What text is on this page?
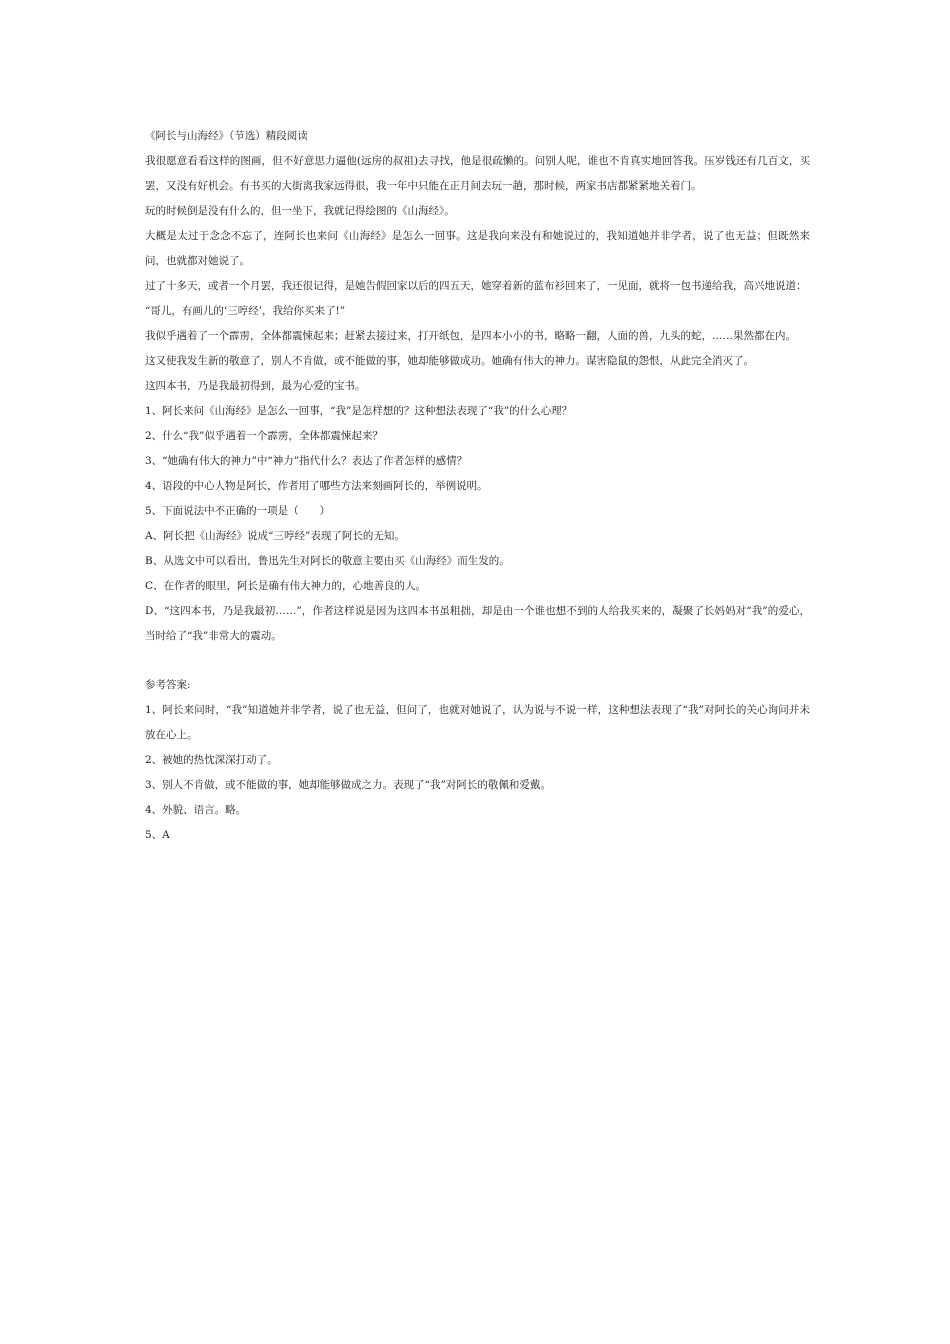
《阿长与山海经》（节选）精段阅读

我很愿意看看这样的图画，但不好意思力逼他(远房的叔祖)去寻找，他是很疏懒的。问别人呢，谁也不肯真实地回答我。压岁钱还有几百文，买罢，又没有好机会。有书买的大街离我家远得很，我一年中只能在正月间去玩一趟，那时候，两家书店都紧紧地关着门。

玩的时候倒是没有什么的，但一坐下，我就记得绘图的《山海经》。

大概是太过于念念不忘了，连阿长也来问《山海经》是怎么一回事。这是我向来没有和她说过的，我知道她并非学者，说了也无益；但既然来问，也就都对她说了。

过了十多天，或者一个月罢，我还很记得，是她告假回家以后的四五天，她穿着新的蓝布衫回来了，一见面，就将一包书递给我，高兴地说道：

“哥儿，有画儿的‘三哼经’，我给你买来了!”

我似乎遇着了一个霹雳，全体都震悚起来；赶紧去接过来，打开纸包，是四本小小的书，略略一翻，人面的兽，九头的蛇，……果然都在内。

这又使我发生新的敬意了，别人不肯做，或不能做的事，她却能够做成功。她确有伟大的神力。谋害隐鼠的怨恨，从此完全消灭了。

这四本书，乃是我最初得到，最为心爱的宝书。

1、阿长来问《山海经》是怎么一回事，“我”是怎样想的？这种想法表现了“我”的什么心理？

2、什么“我”似乎遇着一个霹雳，全体都震悚起来？

3、“她确有伟大的神力”中“神力”指代什么？表达了作者怎样的感情？

4、语段的中心人物是阿长，作者用了哪些方法来刻画阿长的，举例说明。

5、下面说法中不正确的一项是（　　）

A、阿长把《山海经》说成“三哼经”表现了阿长的无知。

B、从选文中可以看出，鲁迅先生对阿长的敬意主要由买《山海经》而生发的。

C、在作者的眼里，阿长是确有伟大神力的，心地善良的人。

D、“这四本书，乃是我最初……”，作者这样说是因为这四本书虽粗拙，却是由一个谁也想不到的人给我买来的，凝聚了长妈妈对“我”的爱心，当时给了“我”非常大的震动。

参考答案:

1、阿长来问时，“我”知道她并非学者，说了也无益，但问了，也就对她说了，认为说与不说一样，这种想法表现了“我”对阿长的关心询问并未放在心上。

2、被她的热忱深深打动了。

3、别人不肯做，或不能做的事，她却能够做成之力。表现了“我”对阿长的敬佩和爱戴。

4、外貌、语言。略。

5、A
